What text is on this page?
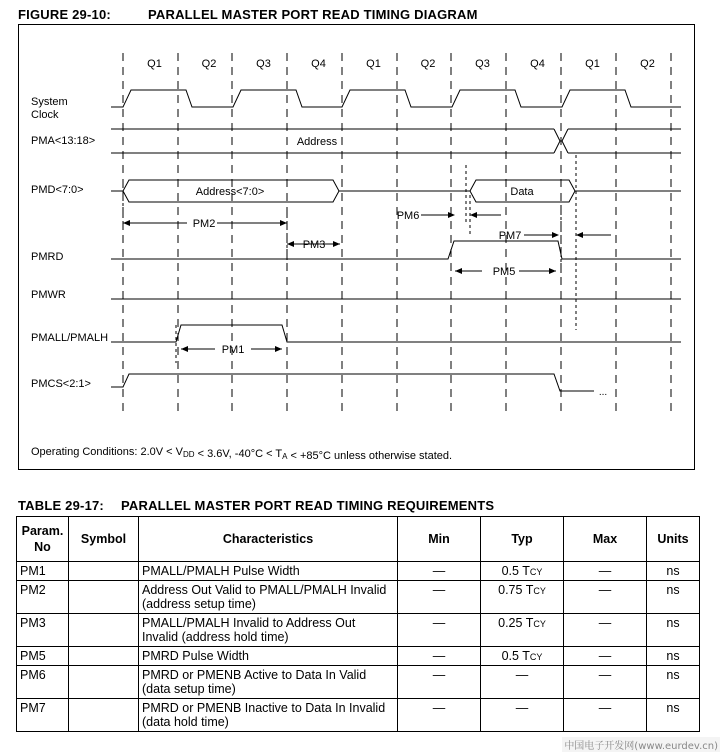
FIGURE 29-10:	PARALLEL MASTER PORT READ TIMING DIAGRAM
Q1	Q2	Q3	Q4	Q1	Q2	Q3	Q4	Q1	Q2
System
Clock
PMA<13:18>
PMD<7:0>
PMRD
PMWR
PMALL/PMALH
PMCS<2:1>
Address
Address<7:0>	Data
...
PM2
PM3
PM1
PM6
PM7
PM5
Operating Conditions: 2.0V < VDD < 3.6V, -40°C < TA < +85°C unless otherwise stated.
TABLE 29-17: PARALLEL MASTER PORT READ TIMING REQUIREMENTS
Param.
No	Symbol	Characteristics	Min	Typ	Max	Units
PM1		PMALL/PMALH Pulse Width	—	0.5 TCY	—	ns
PM2		Address Out Valid to PMALL/PMALH Invalid (address setup time)	—	0.75 TCY	—	ns
PM3		PMALL/PMALH Invalid to Address Out Invalid (address hold time)	—	0.25 TCY	—	ns
PM5		PMRD Pulse Width	—	0.5 TCY	—	ns
PM6		PMRD or PMENB Active to Data In Valid (data setup time)	—	—	—	ns
PM7		PMRD or PMENB Inactive to Data In Invalid (data hold time)	—	—	—	ns
中国电子开发网(www.eurdev.cn)
